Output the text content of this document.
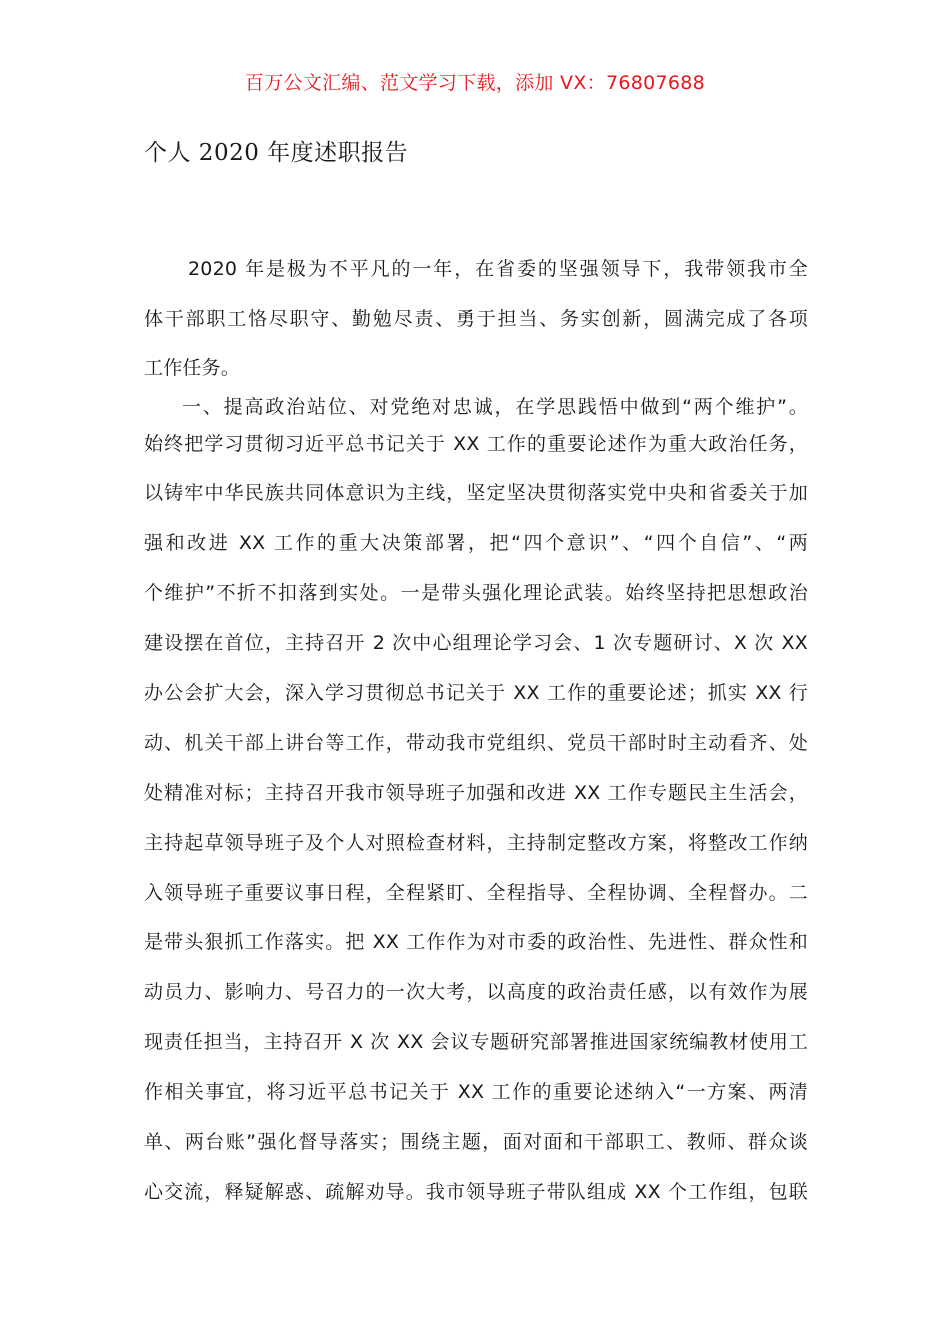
百万公文汇编、范文学习下载，添加 VX：76807688
个人 2020 年度述职报告
2020 年是极为不平凡的一年，在省委的坚强领导下，我带领我市全
体干部职工恪尽职守、勤勉尽责、勇于担当、务实创新，圆满完成了各项
工作任务。
一、提高政治站位、对党绝对忠诚，在学思践悟中做到“两个维护”。
始终把学习贯彻习近平总书记关于 XX 工作的重要论述作为重大政治任务，
以铸牢中华民族共同体意识为主线，坚定坚决贯彻落实党中央和省委关于加
强和改进 XX 工作的重大决策部署，把“四个意识”、“四个自信”、“两
个维护”不折不扣落到实处。一是带头强化理论武装。始终坚持把思想政治
建设摆在首位，主持召开 2 次中心组理论学习会、1 次专题研讨、X 次 XX
办公会扩大会，深入学习贯彻总书记关于 XX 工作的重要论述；抓实 XX 行
动、机关干部上讲台等工作，带动我市党组织、党员干部时时主动看齐、处
处精准对标；主持召开我市领导班子加强和改进 XX 工作专题民主生活会，
主持起草领导班子及个人对照检查材料，主持制定整改方案，将整改工作纳
入领导班子重要议事日程，全程紧盯、全程指导、全程协调、全程督办。二
是带头狠抓工作落实。把 XX 工作作为对市委的政治性、先进性、群众性和
动员力、影响力、号召力的一次大考，以高度的政治责任感，以有效作为展
现责任担当，主持召开 X 次 XX 会议专题研究部署推进国家统编教材使用工
作相关事宜，将习近平总书记关于 XX 工作的重要论述纳入“一方案、两清
单、两台账”强化督导落实；围绕主题，面对面和干部职工、教师、群众谈
心交流，释疑解惑、疏解劝导。我市领导班子带队组成 XX 个工作组，包联
